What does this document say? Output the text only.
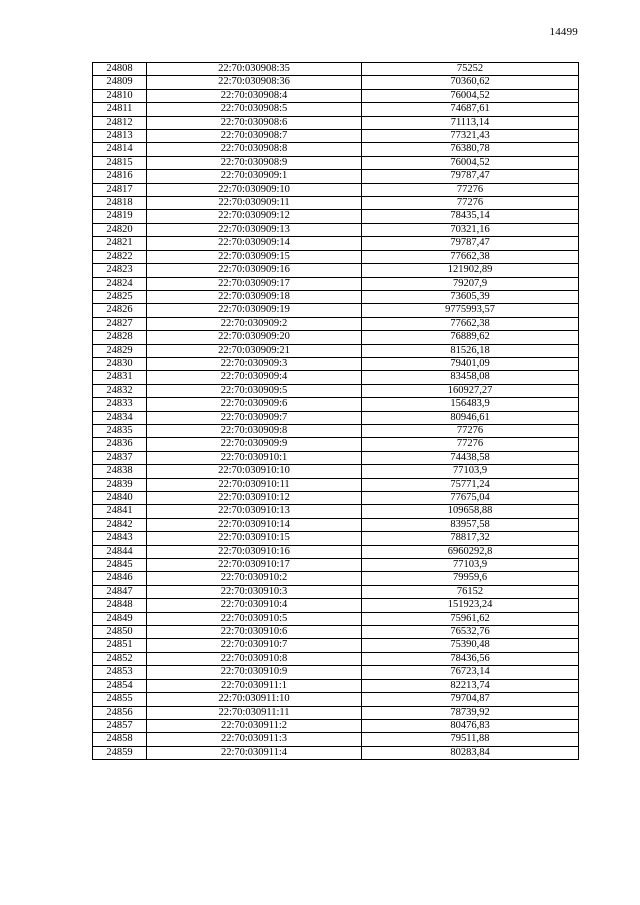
14499
24808	22:70:030908:35	75252
24809	22:70:030908:36	70360,62
24810	22:70:030908:4	76004,52
24811	22:70:030908:5	74687,61
24812	22:70:030908:6	71113,14
24813	22:70:030908:7	77321,43
24814	22:70:030908:8	76380,78
24815	22:70:030908:9	76004,52
24816	22:70:030909:1	79787,47
24817	22:70:030909:10	77276
24818	22:70:030909:11	77276
24819	22:70:030909:12	78435,14
24820	22:70:030909:13	70321,16
24821	22:70:030909:14	79787,47
24822	22:70:030909:15	77662,38
24823	22:70:030909:16	121902,89
24824	22:70:030909:17	79207,9
24825	22:70:030909:18	73605,39
24826	22:70:030909:19	9775993,57
24827	22:70:030909:2	77662,38
24828	22:70:030909:20	76889,62
24829	22:70:030909:21	81526,18
24830	22:70:030909:3	79401,09
24831	22:70:030909:4	83458,08
24832	22:70:030909:5	160927,27
24833	22:70:030909:6	156483,9
24834	22:70:030909:7	80946,61
24835	22:70:030909:8	77276
24836	22:70:030909:9	77276
24837	22:70:030910:1	74438,58
24838	22:70:030910:10	77103,9
24839	22:70:030910:11	75771,24
24840	22:70:030910:12	77675,04
24841	22:70:030910:13	109658,88
24842	22:70:030910:14	83957,58
24843	22:70:030910:15	78817,32
24844	22:70:030910:16	6960292,8
24845	22:70:030910:17	77103,9
24846	22:70:030910:2	79959,6
24847	22:70:030910:3	76152
24848	22:70:030910:4	151923,24
24849	22:70:030910:5	75961,62
24850	22:70:030910:6	76532,76
24851	22:70:030910:7	75390,48
24852	22:70:030910:8	78436,56
24853	22:70:030910:9	76723,14
24854	22:70:030911:1	82213,74
24855	22:70:030911:10	79704,87
24856	22:70:030911:11	78739,92
24857	22:70:030911:2	80476,83
24858	22:70:030911:3	79511,88
24859	22:70:030911:4	80283,84
